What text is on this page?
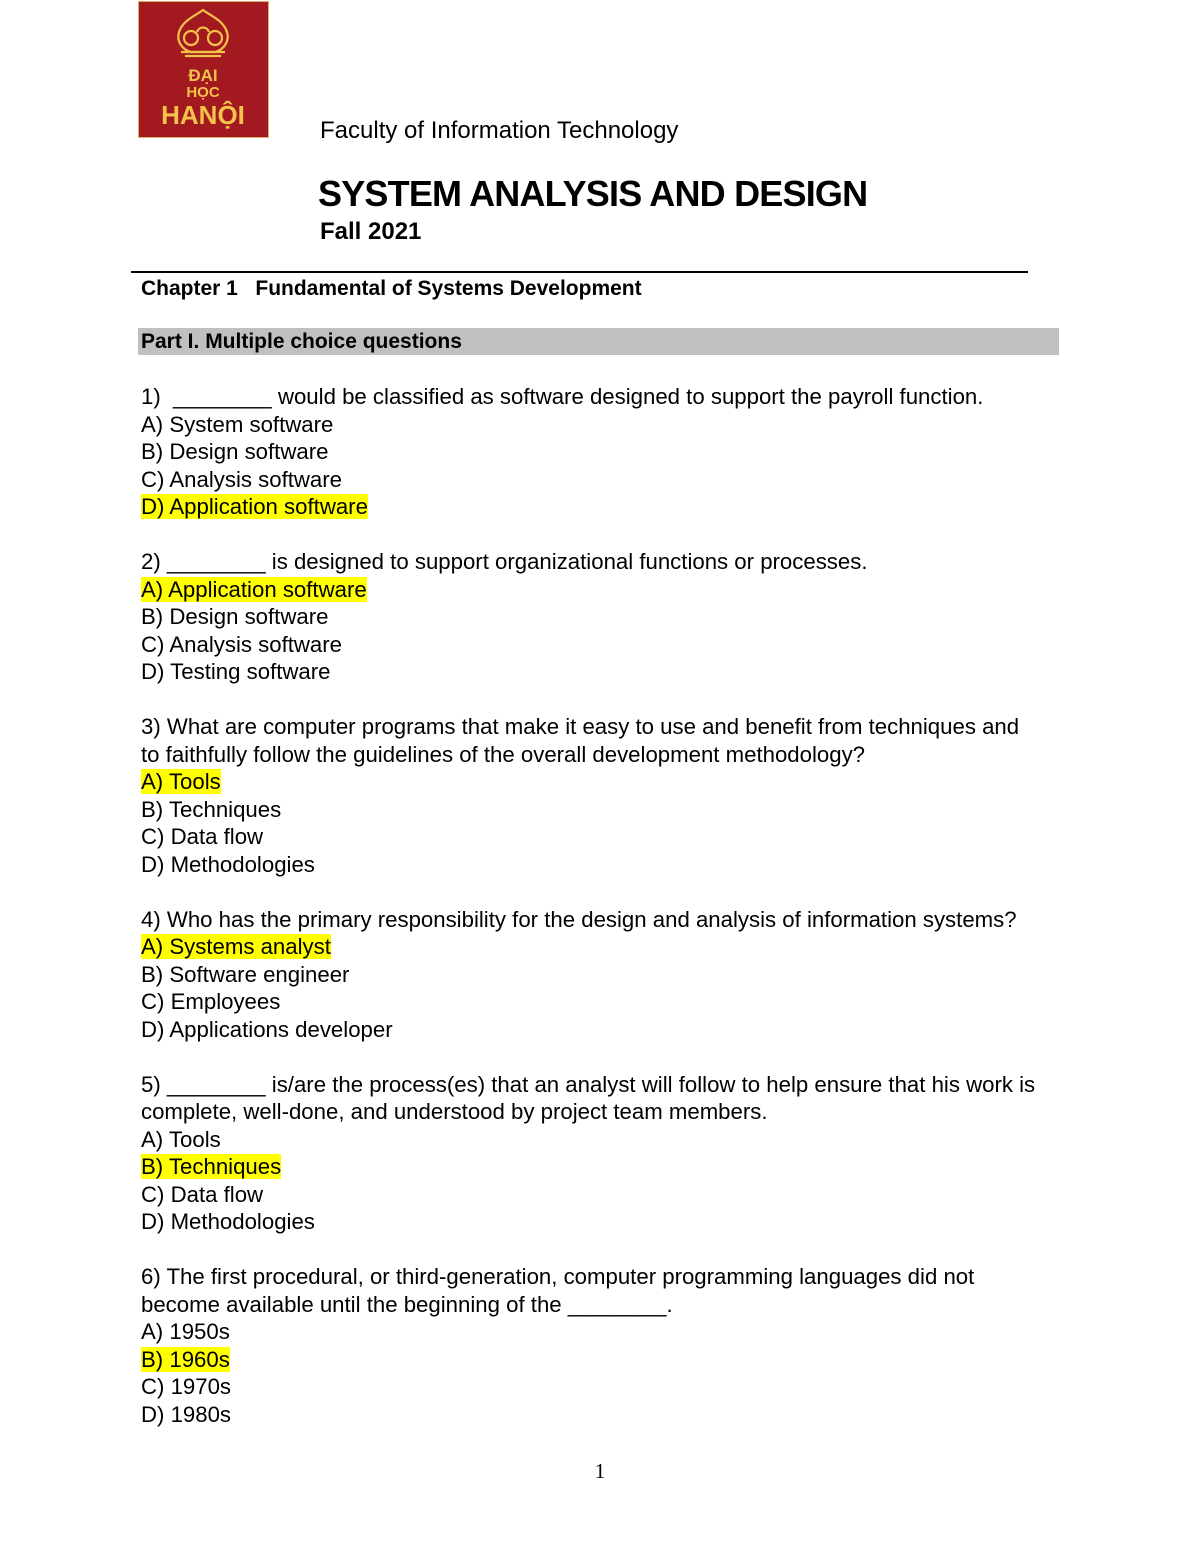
ĐẠI
HỌC
HANỘI
Faculty of Information Technology
SYSTEM ANALYSIS AND DESIGN
Fall 2021
Chapter 1   Fundamental of Systems Development
Part I. Multiple choice questions
1)  ________ would be classified as software designed to support the payroll function.
A) System software
B) Design software
C) Analysis software
D) Application software
2) ________ is designed to support organizational functions or processes.
A) Application software
B) Design software
C) Analysis software
D) Testing software
3) What are computer programs that make it easy to use and benefit from techniques and to faithfully follow the guidelines of the overall development methodology?
A) Tools
B) Techniques
C) Data flow
D) Methodologies
4) Who has the primary responsibility for the design and analysis of information systems?
A) Systems analyst
B) Software engineer
C) Employees
D) Applications developer
5) ________ is/are the process(es) that an analyst will follow to help ensure that his work is complete, well-done, and understood by project team members.
A) Tools
B) Techniques
C) Data flow
D) Methodologies
6) The first procedural, or third-generation, computer programming languages did not become available until the beginning of the ________.
A) 1950s
B) 1960s
C) 1970s
D) 1980s
1
